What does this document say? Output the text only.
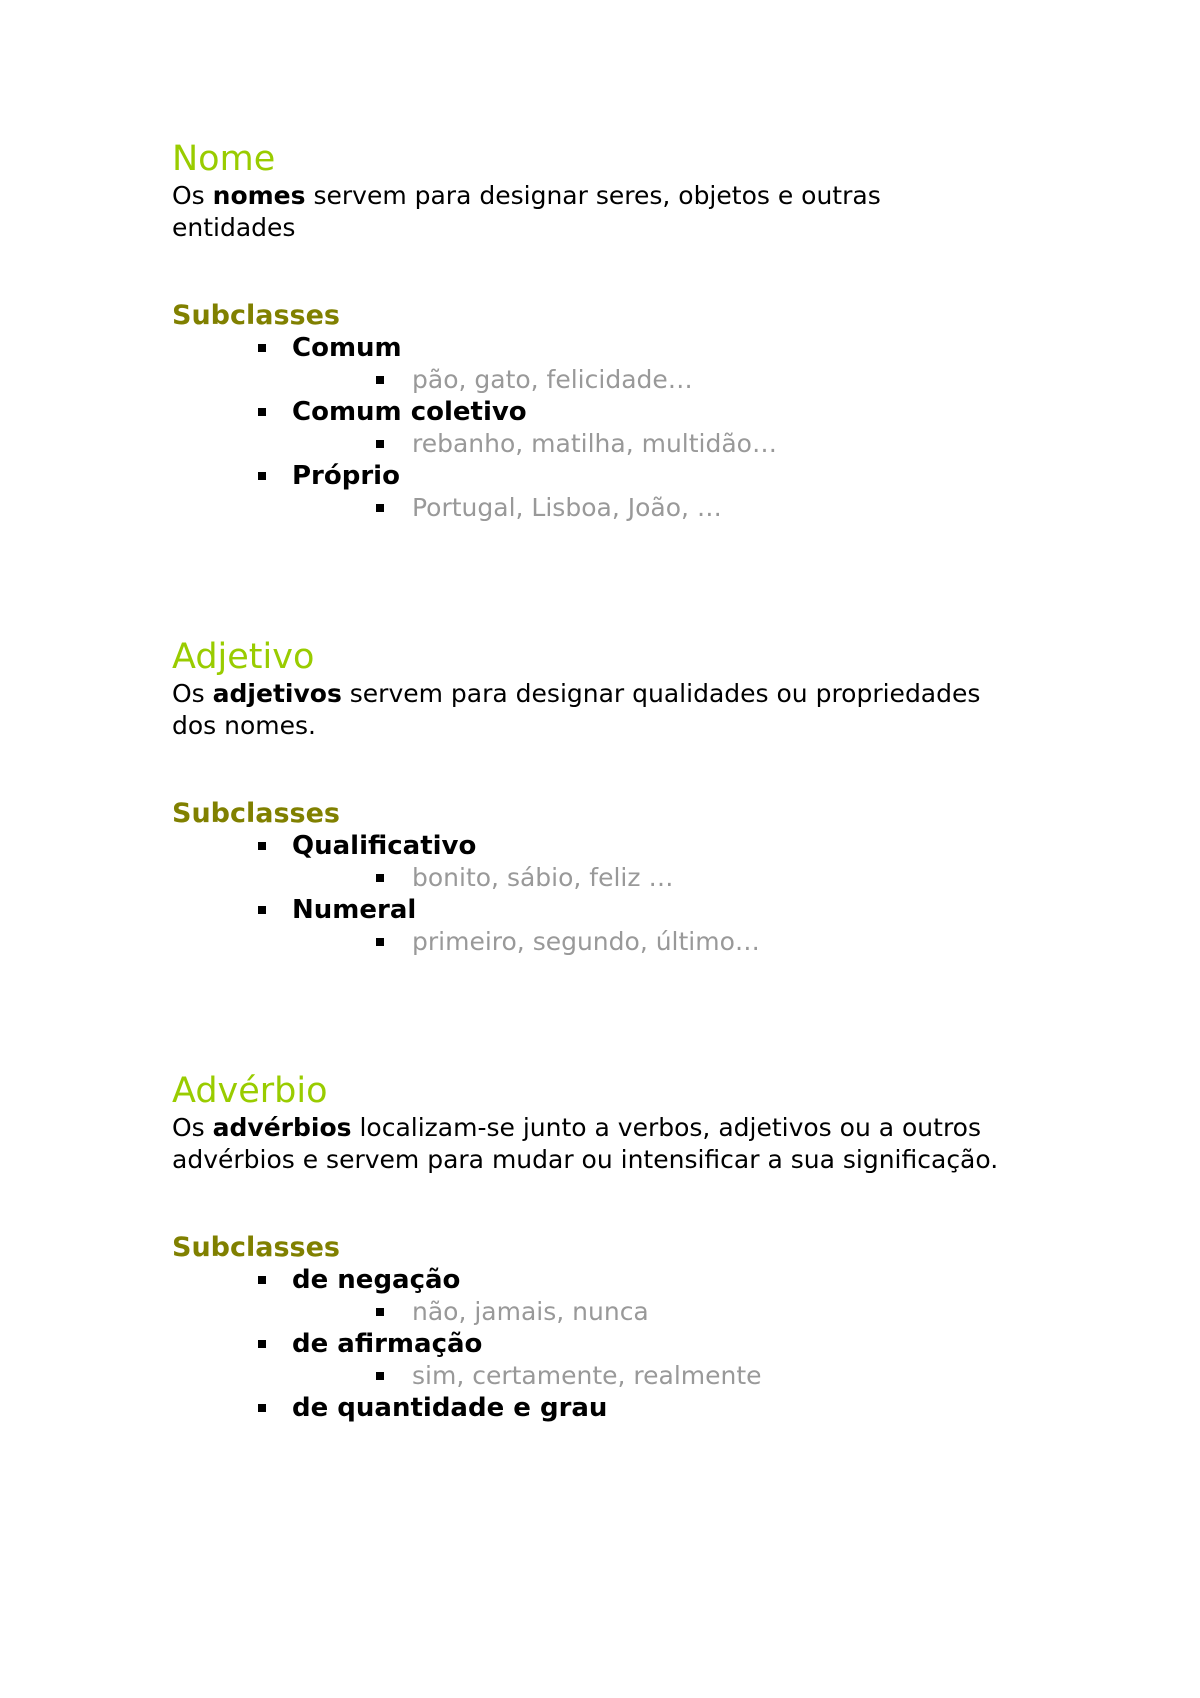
Nome

Os nomes servem para designar seres, objetos e outras entidades

Subclasses
Comum
pão, gato, felicidade…
Comum coletivo
rebanho, matilha, multidão…
Próprio
Portugal, Lisboa, João, …
Adjetivo

Os adjetivos servem para designar qualidades ou propriedades dos nomes.

Subclasses
Qualificativo
bonito, sábio, feliz …
Numeral
primeiro, segundo, último…
Advérbio

Os advérbios localizam-se junto a verbos, adjetivos ou a outros advérbios e servem para mudar ou intensificar a sua significação.

Subclasses
de negação
não, jamais, nunca
de afirmação
sim, certamente, realmente
de quantidade e grau
